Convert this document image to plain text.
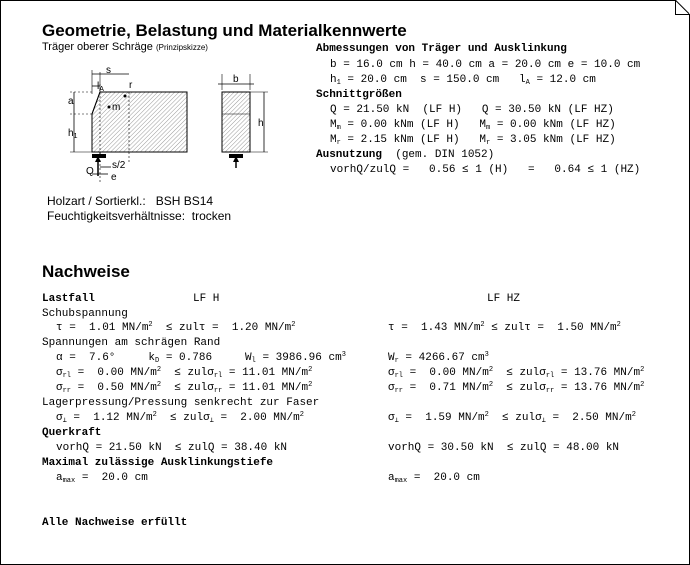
Geometrie, Belastung und Materialkennwerte
Träger oberer Schräge (Prinzipskizze)
s
$l_A$	r
m
a
$h_1$
Q
s/2
e
b
h
Holzart / Sortierkl.: BSH BS14
Feuchtigkeitsverhältnisse: trocken
Abmessungen von Träger und Ausklinkung
b = 16.0 cm h = 40.0 cm a = 20.0 cm e = 10.0 cm
$h_1 = 20.0$ cm  s = 150.0 cm   $l_A = 12.0$ cm
Schnittgrößen
Q = 21.50 kN  (LF H)   Q = 30.50 kN (LF HZ)
$M_m = 0.00$ kNm (LF H)   $M_m = 0.00$ kNm (LF HZ)
$M_r = 2.15$ kNm (LF H)   $M_r = 3.05$ kNm (LF HZ)
Ausnutzung (gem. DIN 1052)
vorhQ/zulQ =   0.56 ≤ 1 (H)   =   0.64 ≤ 1 (HZ)
Nachweise
Lastfall	LF H	LF HZ
Schubspannung
τ =  1.01 $MN/m^2 \le zul\tau = 1.20$ $MN/m^2$	τ =  1.43 $MN/m^2 \le zul\tau = 1.50$ $MN/m^2$
Spannungen am schrägen Rand
α =  7.6°     $k_D = 0.786$     $W_l = 3986.96$ $cm^3$	$W_r = 4266.67$ $cm^3$
$\sigma_{rl} = 0.00$ $MN/m^2 \le zul\sigma_{rl} = 11.01$ $MN/m^2$	$\sigma_{rl} = 0.00$ $MN/m^2 \le zul\sigma_{rl} = 13.76$ $MN/m^2$
$\sigma_{rr} = 0.50$ $MN/m^2 \le zul\sigma_{rr} = 11.01$ $MN/m^2$	$\sigma_{rr} = 0.71$ $MN/m^2 \le zul\sigma_{rr} = 13.76$ $MN/m^2$
Lagerpressung/Pressung senkrecht zur Faser
$\sigma_\perp = 1.12$ $MN/m^2 \le zul\sigma_\perp = 2.00$ $MN/m^2$	$\sigma_\perp = 1.59$ $MN/m^2 \le zul\sigma_\perp = 2.50$ $MN/m^2$
Querkraft
vorhQ = 21.50 kN  ≤ zulQ = 38.40 kN	vorhQ = 30.50 kN  ≤ zulQ = 48.00 kN
Maximal zulässige Ausklinkungstiefe
$a_{max} = 20.0$ cm	$a_{max} = 20.0$ cm
Alle Nachweise erfüllt
